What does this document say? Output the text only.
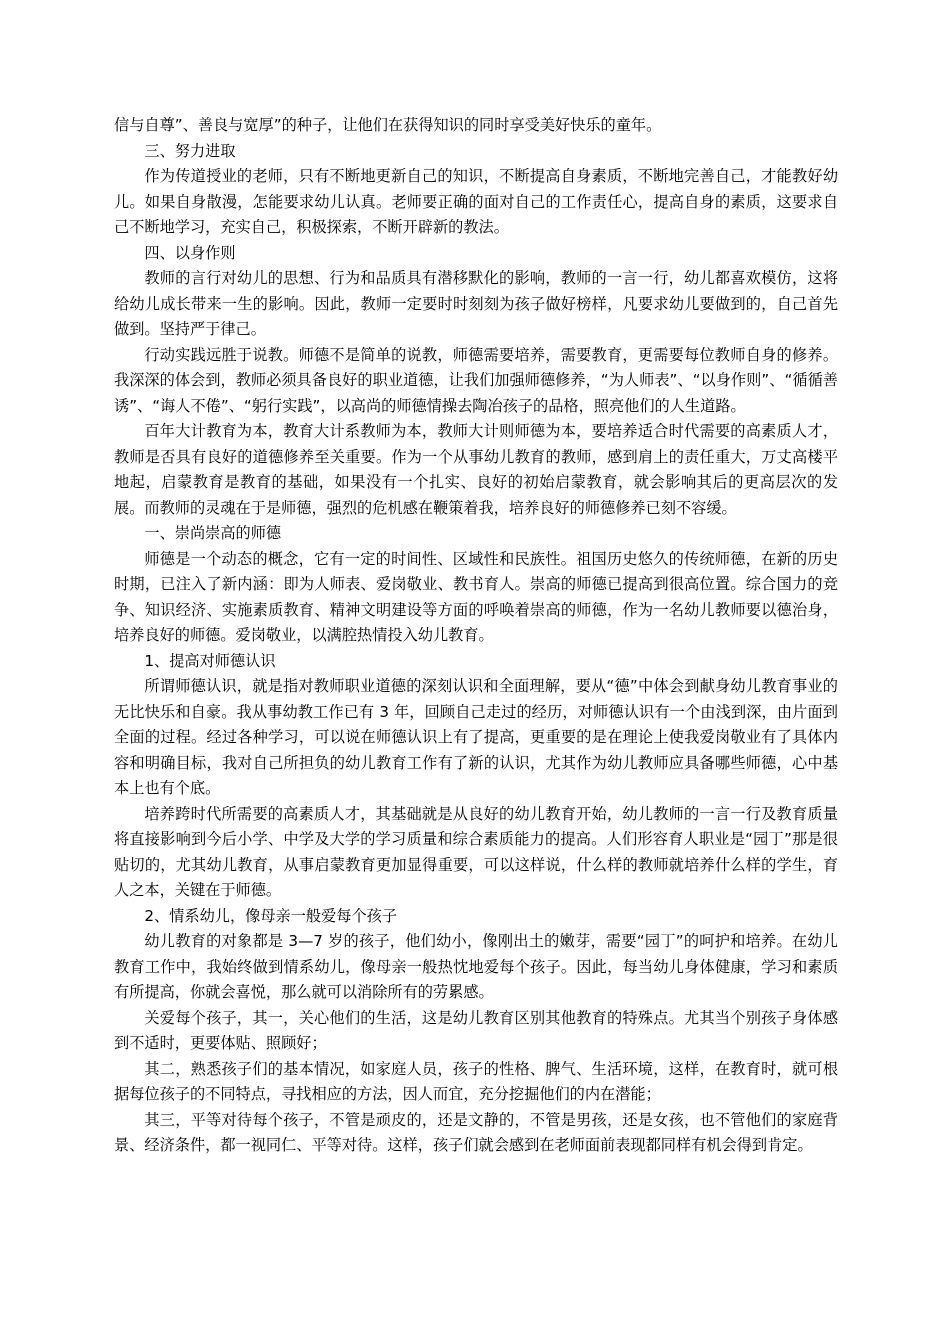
信与自尊”、善良与宽厚”的种子，让他们在获得知识的同时享受美好快乐的童年。

三、努力进取

作为传道授业的老师，只有不断地更新自己的知识，不断提高自身素质，不断地完善自己，才能教好幼儿。如果自身散漫，怎能要求幼儿认真。老师要正确的面对自己的工作责任心，提高自身的素质，这要求自己不断地学习，充实自己，积极探索，不断开辟新的教法。

四、以身作则

教师的言行对幼儿的思想、行为和品质具有潜移默化的影响，教师的一言一行，幼儿都喜欢模仿，这将给幼儿成长带来一生的影响。因此，教师一定要时时刻刻为孩子做好榜样，凡要求幼儿要做到的，自己首先做到。坚持严于律己。

行动实践远胜于说教。师德不是简单的说教，师德需要培养，需要教育，更需要每位教师自身的修养。我深深的体会到，教师必须具备良好的职业道德，让我们加强师德修养，“为人师表”、“以身作则”、“循循善诱”、“诲人不倦”、“躬行实践”，以高尚的师德情操去陶冶孩子的品格，照亮他们的人生道路。

百年大计教育为本，教育大计系教师为本，教师大计则师德为本，要培养适合时代需要的高素质人才，教师是否具有良好的道德修养至关重要。作为一个从事幼儿教育的教师，感到肩上的责任重大，万丈高楼平地起，启蒙教育是教育的基础，如果没有一个扎实、良好的初始启蒙教育，就会影响其后的更高层次的发展。而教师的灵魂在于是师德，强烈的危机感在鞭策着我，培养良好的师德修养已刻不容缓。

一、崇尚崇高的师德

师德是一个动态的概念，它有一定的时间性、区域性和民族性。祖国历史悠久的传统师德，在新的历史时期，已注入了新内涵：即为人师表、爱岗敬业、教书育人。崇高的师德已提高到很高位置。综合国力的竞争、知识经济、实施素质教育、精神文明建设等方面的呼唤着崇高的师德，作为一名幼儿教师要以德治身，培养良好的师德。爱岗敬业，以满腔热情投入幼儿教育。

1、提高对师德认识

所谓师德认识，就是指对教师职业道德的深刻认识和全面理解，要从“德”中体会到献身幼儿教育事业的无比快乐和自豪。我从事幼教工作已有 3 年，回顾自己走过的经历，对师德认识有一个由浅到深，由片面到全面的过程。经过各种学习，可以说在师德认识上有了提高，更重要的是在理论上使我爱岗敬业有了具体内容和明确目标，我对自己所担负的幼儿教育工作有了新的认识，尤其作为幼儿教师应具备哪些师德，心中基本上也有个底。

培养跨时代所需要的高素质人才，其基础就是从良好的幼儿教育开始，幼儿教师的一言一行及教育质量将直接影响到今后小学、中学及大学的学习质量和综合素质能力的提高。人们形容育人职业是“园丁”那是很贴切的，尤其幼儿教育，从事启蒙教育更加显得重要，可以这样说，什么样的教师就培养什么样的学生，育人之本，关键在于师德。

2、情系幼儿，像母亲一般爱每个孩子

幼儿教育的对象都是 3—7 岁的孩子，他们幼小，像刚出土的嫩芽，需要“园丁”的呵护和培养。在幼儿教育工作中，我始终做到情系幼儿，像母亲一般热忱地爱每个孩子。因此，每当幼儿身体健康，学习和素质有所提高，你就会喜悦，那么就可以消除所有的劳累感。

关爱每个孩子，其一，关心他们的生活，这是幼儿教育区别其他教育的特殊点。尤其当个别孩子身体感到不适时，更要体贴、照顾好；

其二，熟悉孩子们的基本情况，如家庭人员，孩子的性格、脾气、生活环境，这样，在教育时，就可根据每位孩子的不同特点，寻找相应的方法，因人而宜，充分挖掘他们的内在潜能；

其三，平等对待每个孩子，不管是顽皮的，还是文静的，不管是男孩，还是女孩，也不管他们的家庭背景、经济条件，都一视同仁、平等对待。这样，孩子们就会感到在老师面前表现都同样有机会得到肯定。
